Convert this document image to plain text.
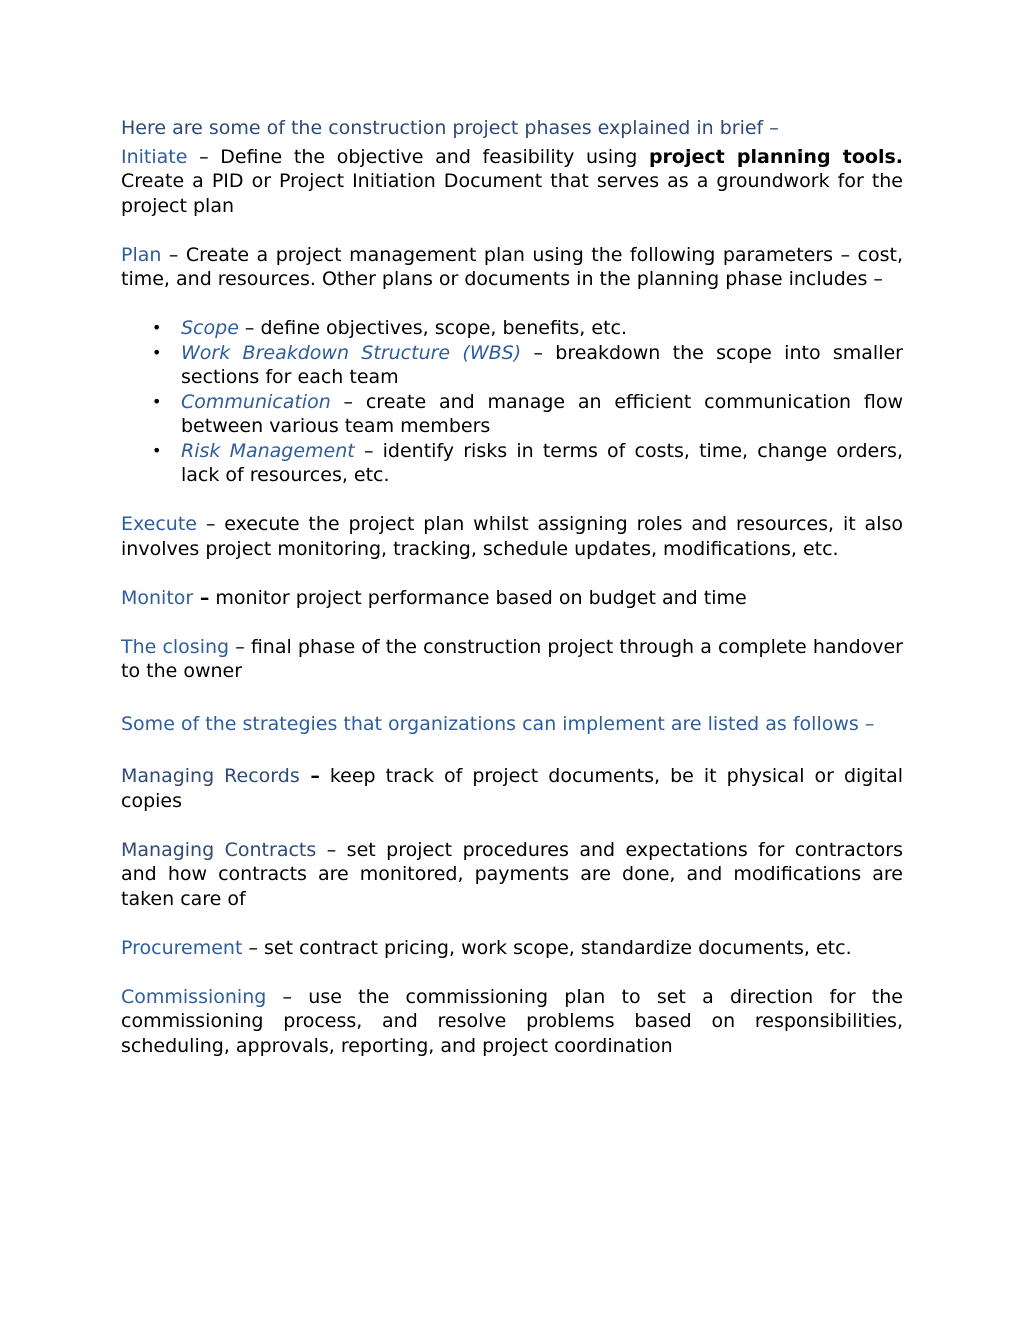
Here are some of the construction project phases explained in brief –

Initiate – Define the objective and feasibility using project planning tools. Create a PID or Project Initiation Document that serves as a groundwork for the project plan

Plan – Create a project management plan using the following parameters – cost, time, and resources. Other plans or documents in the planning phase includes –

• Scope – define objectives, scope, benefits, etc.
• Work Breakdown Structure (WBS) – breakdown the scope into smaller sections for each team
• Communication – create and manage an efficient communication flow between various team members
• Risk Management – identify risks in terms of costs, time, change orders, lack of resources, etc.

Execute – execute the project plan whilst assigning roles and resources, it also involves project monitoring, tracking, schedule updates, modifications, etc.

Monitor – monitor project performance based on budget and time

The closing – final phase of the construction project through a complete handover to the owner

Some of the strategies that organizations can implement are listed as follows –

Managing Records – keep track of project documents, be it physical or digital copies

Managing Contracts – set project procedures and expectations for contractors and how contracts are monitored, payments are done, and modifications are taken care of

Procurement – set contract pricing, work scope, standardize documents, etc.

Commissioning – use the commissioning plan to set a direction for the commissioning process, and resolve problems based on responsibilities, scheduling, approvals, reporting, and project coordination
